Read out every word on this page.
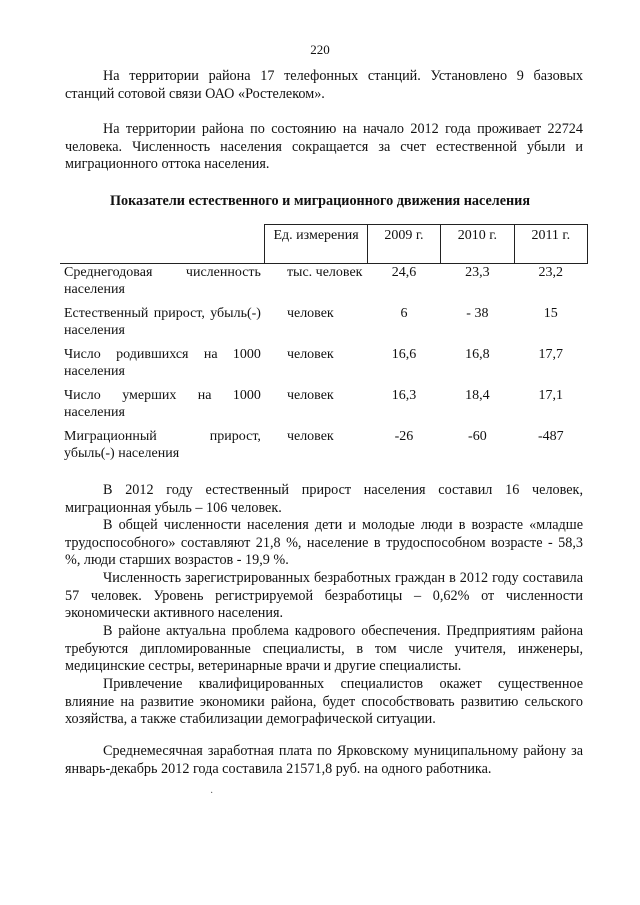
220

На территории района 17 телефонных станций. Установлено 9 базовых станций сотовой связи ОАО «Ростелеком».

На территории района по состоянию на начало 2012 года проживает 22724 человека. Численность населения сокращается за счет естественной убыли и миграционного оттока населения.

Показатели естественного и миграционного движения населения
	Ед. измерения	2009 г.	2010 г.	2011 г.
Среднегодовая численность населения	тыс. человек	24,6	23,3	23,2
Естественный прирост, убыль(-) населения	человек	6	- 38	15
Число родившихся на 1000 населения	человек	16,6	16,8	17,7
Число умерших на 1000 населения	человек	16,3	18,4	17,1
Миграционный прирост, убыль(-) населения	человек	-26	-60	-487

В 2012 году естественный прирост населения составил 16 человек, миграционная убыль – 106 человек.

В общей численности населения дети и молодые люди в возрасте «младше трудоспособного» составляют 21,8 %, население в трудоспособном возрасте - 58,3 %, люди старших возрастов - 19,9 %.

Численность зарегистрированных безработных граждан в 2012 году составила 57 человек. Уровень регистрируемой безработицы – 0,62% от численности экономически активного населения.

В районе актуальна проблема кадрового обеспечения. Предприятиям района требуются дипломированные специалисты, в том числе учителя, инженеры, медицинские сестры, ветеринарные врачи и другие специалисты.

Привлечение квалифицированных специалистов окажет существенное влияние на развитие экономики района, будет способствовать развитию сельского хозяйства, а также стабилизации демографической ситуации.

Среднемесячная заработная плата по Ярковскому муниципальному району за январь-декабрь 2012 года составила 21571,8 руб. на одного работника.

·
